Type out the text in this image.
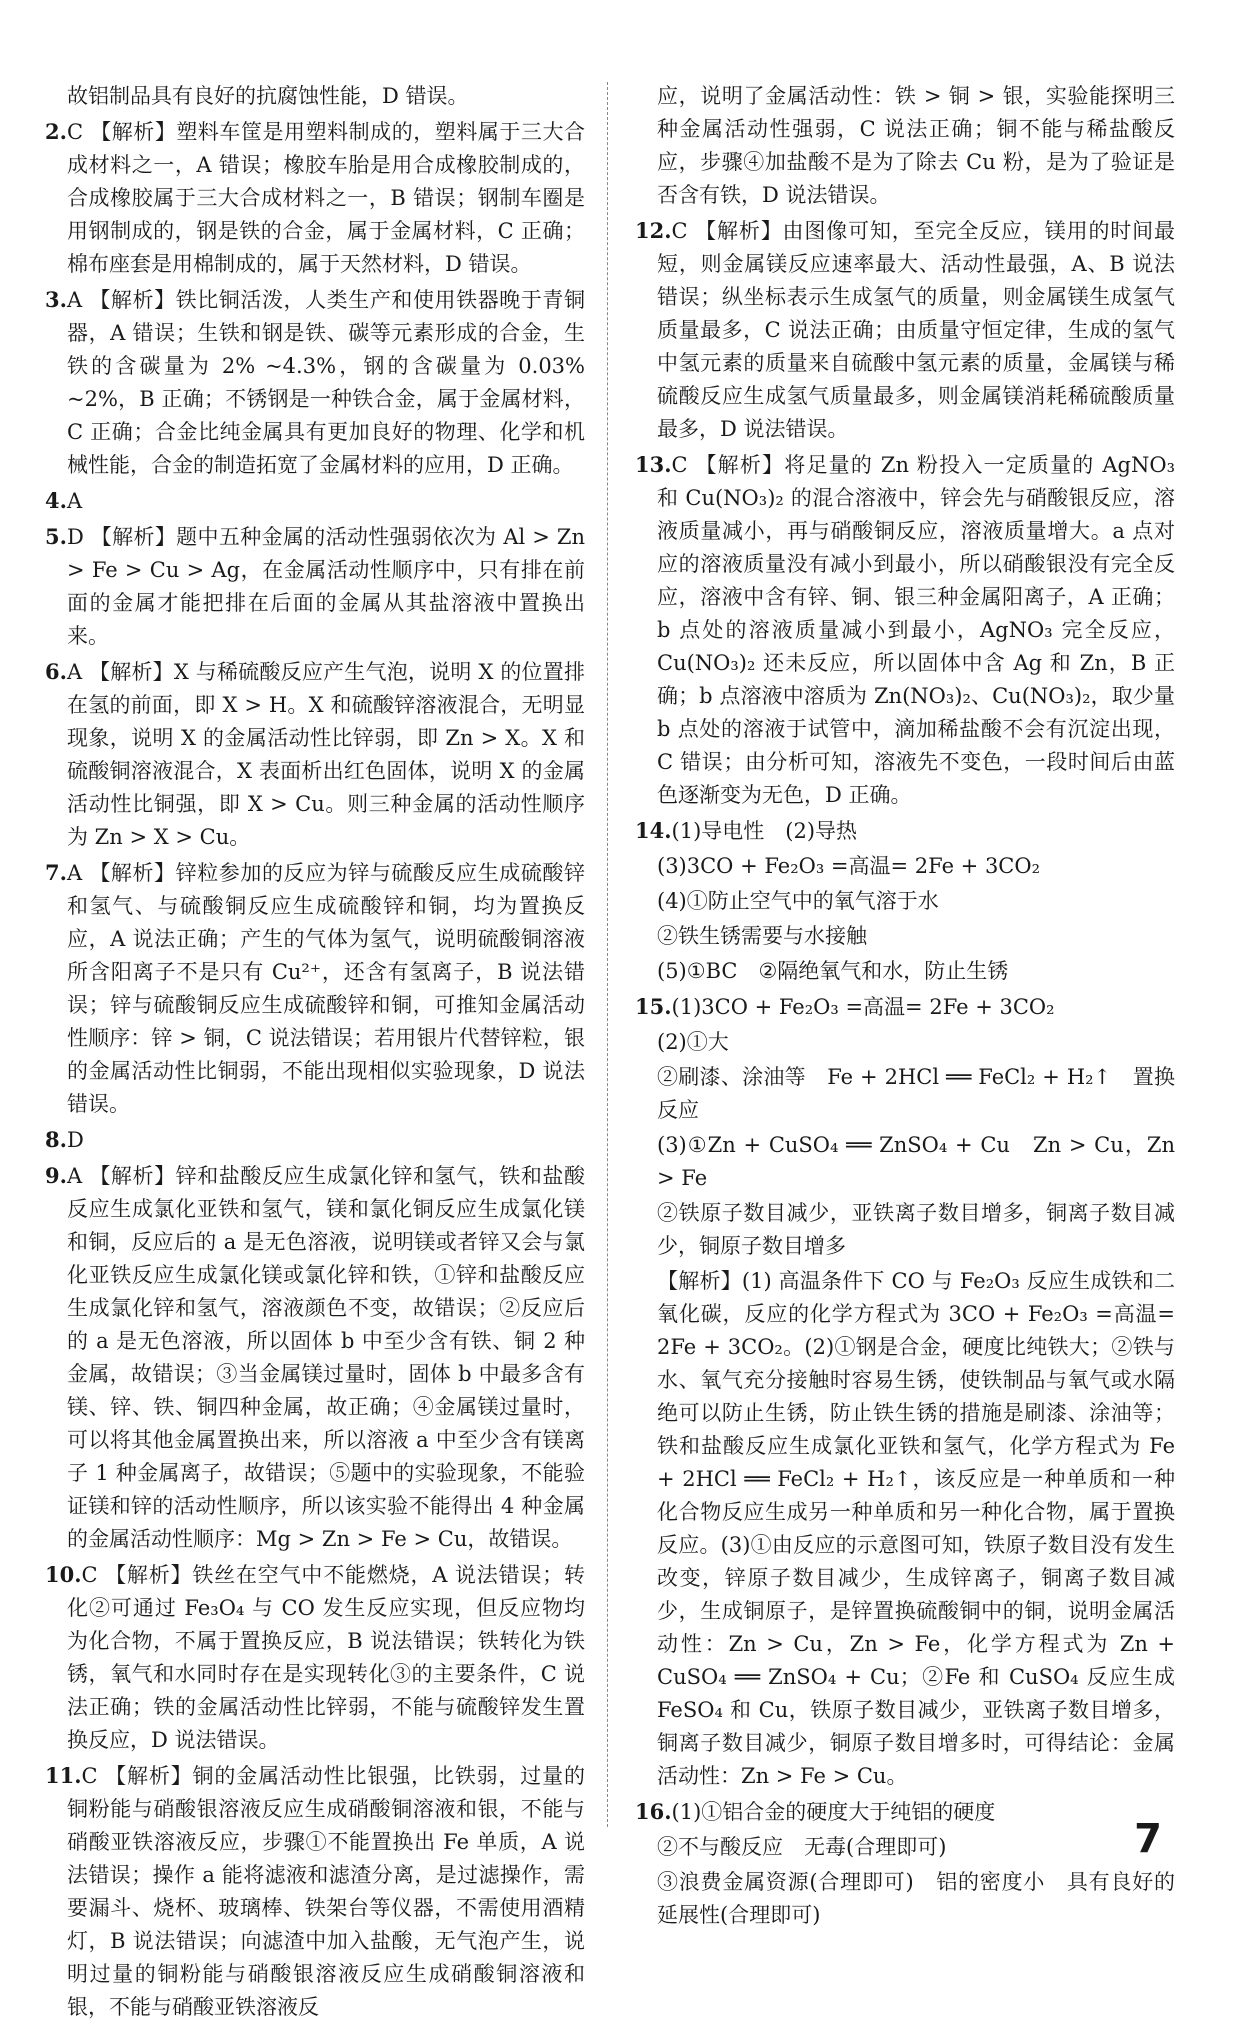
故铝制品具有良好的抗腐蚀性能，D 错误。

2.C 【解析】塑料车筐是用塑料制成的，塑料属于三大合成材料之一，A 错误；橡胶车胎是用合成橡胶制成的，合成橡胶属于三大合成材料之一，B 错误；钢制车圈是用钢制成的，钢是铁的合金，属于金属材料，C 正确；棉布座套是用棉制成的，属于天然材料，D 错误。

3.A 【解析】铁比铜活泼，人类生产和使用铁器晚于青铜器，A 错误；生铁和钢是铁、碳等元素形成的合金，生铁的含碳量为 2% ~4.3%，钢的含碳量为 0.03% ~2%，B 正确；不锈钢是一种铁合金，属于金属材料，C 正确；合金比纯金属具有更加良好的物理、化学和机械性能，合金的制造拓宽了金属材料的应用，D 正确。

4.A

5.D 【解析】题中五种金属的活动性强弱依次为 Al > Zn > Fe > Cu > Ag，在金属活动性顺序中，只有排在前面的金属才能把排在后面的金属从其盐溶液中置换出来。

6.A 【解析】X 与稀硫酸反应产生气泡，说明 X 的位置排在氢的前面，即 X > H。X 和硫酸锌溶液混合，无明显现象，说明 X 的金属活动性比锌弱，即 Zn > X。X 和硫酸铜溶液混合，X 表面析出红色固体，说明 X 的金属活动性比铜强，即 X > Cu。则三种金属的活动性顺序为 Zn > X > Cu。

7.A 【解析】锌粒参加的反应为锌与硫酸反应生成硫酸锌和氢气、与硫酸铜反应生成硫酸锌和铜，均为置换反应，A 说法正确；产生的气体为氢气，说明硫酸铜溶液所含阳离子不是只有 Cu²⁺，还含有氢离子，B 说法错误；锌与硫酸铜反应生成硫酸锌和铜，可推知金属活动性顺序：锌 > 铜，C 说法错误；若用银片代替锌粒，银的金属活动性比铜弱，不能出现相似实验现象，D 说法错误。

8.D

9.A 【解析】锌和盐酸反应生成氯化锌和氢气，铁和盐酸反应生成氯化亚铁和氢气，镁和氯化铜反应生成氯化镁和铜，反应后的 a 是无色溶液，说明镁或者锌又会与氯化亚铁反应生成氯化镁或氯化锌和铁，①锌和盐酸反应生成氯化锌和氢气，溶液颜色不变，故错误；②反应后的 a 是无色溶液，所以固体 b 中至少含有铁、铜 2 种金属，故错误；③当金属镁过量时，固体 b 中最多含有镁、锌、铁、铜四种金属，故正确；④金属镁过量时，可以将其他金属置换出来，所以溶液 a 中至少含有镁离子 1 种金属离子，故错误；⑤题中的实验现象，不能验证镁和锌的活动性顺序，所以该实验不能得出 4 种金属的金属活动性顺序：Mg > Zn > Fe > Cu，故错误。

10.C 【解析】铁丝在空气中不能燃烧，A 说法错误；转化②可通过 Fe₃O₄ 与 CO 发生反应实现，但反应物均为化合物，不属于置换反应，B 说法错误；铁转化为铁锈，氧气和水同时存在是实现转化③的主要条件，C 说法正确；铁的金属活动性比锌弱，不能与硫酸锌发生置换反应，D 说法错误。

11.C 【解析】铜的金属活动性比银强，比铁弱，过量的铜粉能与硝酸银溶液反应生成硝酸铜溶液和银，不能与硝酸亚铁溶液反应，步骤①不能置换出 Fe 单质，A 说法错误；操作 a 能将滤液和滤渣分离，是过滤操作，需要漏斗、烧杯、玻璃棒、铁架台等仪器，不需使用酒精灯，B 说法错误；向滤渣中加入盐酸，无气泡产生，说明过量的铜粉能与硝酸银溶液反应生成硝酸铜溶液和银，不能与硝酸亚铁溶液反

应，说明了金属活动性：铁 > 铜 > 银，实验能探明三种金属活动性强弱，C 说法正确；铜不能与稀盐酸反应，步骤④加盐酸不是为了除去 Cu 粉，是为了验证是否含有铁，D 说法错误。

12.C 【解析】由图像可知，至完全反应，镁用的时间最短，则金属镁反应速率最大、活动性最强，A、B 说法错误；纵坐标表示生成氢气的质量，则金属镁生成氢气质量最多，C 说法正确；由质量守恒定律，生成的氢气中氢元素的质量来自硫酸中氢元素的质量，金属镁与稀硫酸反应生成氢气质量最多，则金属镁消耗稀硫酸质量最多，D 说法错误。

13.C 【解析】将足量的 Zn 粉投入一定质量的 AgNO₃ 和 Cu(NO₃)₂ 的混合溶液中，锌会先与硝酸银反应，溶液质量减小，再与硝酸铜反应，溶液质量增大。a 点对应的溶液质量没有减小到最小，所以硝酸银没有完全反应，溶液中含有锌、铜、银三种金属阳离子，A 正确；b 点处的溶液质量减小到最小，AgNO₃ 完全反应，Cu(NO₃)₂ 还未反应，所以固体中含 Ag 和 Zn，B 正确；b 点溶液中溶质为 Zn(NO₃)₂、Cu(NO₃)₂，取少量 b 点处的溶液于试管中，滴加稀盐酸不会有沉淀出现，C 错误；由分析可知，溶液先不变色，一段时间后由蓝色逐渐变为无色，D 正确。

14.(1)导电性　(2)导热

(3)3CO + Fe₂O₃ =高温= 2Fe + 3CO₂

(4)①防止空气中的氧气溶于水

②铁生锈需要与水接触

(5)①BC　②隔绝氧气和水，防止生锈

15.(1)3CO + Fe₂O₃ =高温= 2Fe + 3CO₂

(2)①大

②刷漆、涂油等　Fe + 2HCl ══ FeCl₂ + H₂↑　置换反应

(3)①Zn + CuSO₄ ══ ZnSO₄ + Cu　Zn > Cu，Zn > Fe

②铁原子数目减少，亚铁离子数目增多，铜离子数目减少，铜原子数目增多

【解析】(1) 高温条件下 CO 与 Fe₂O₃ 反应生成铁和二氧化碳，反应的化学方程式为 3CO + Fe₂O₃ =高温= 2Fe + 3CO₂。(2)①钢是合金，硬度比纯铁大；②铁与水、氧气充分接触时容易生锈，使铁制品与氧气或水隔绝可以防止生锈，防止铁生锈的措施是刷漆、涂油等；铁和盐酸反应生成氯化亚铁和氢气，化学方程式为 Fe + 2HCl ══ FeCl₂ + H₂↑，该反应是一种单质和一种化合物反应生成另一种单质和另一种化合物，属于置换反应。(3)①由反应的示意图可知，铁原子数目没有发生改变，锌原子数目减少，生成锌离子，铜离子数目减少，生成铜原子，是锌置换硫酸铜中的铜，说明金属活动性：Zn > Cu，Zn > Fe，化学方程式为 Zn + CuSO₄ ══ ZnSO₄ + Cu；②Fe 和 CuSO₄ 反应生成 FeSO₄ 和 Cu，铁原子数目减少，亚铁离子数目增多，铜离子数目减少，铜原子数目增多时，可得结论：金属活动性：Zn > Fe > Cu。

16.(1)①铝合金的硬度大于纯铝的硬度

②不与酸反应　无毒(合理即可)

③浪费金属资源(合理即可)　铝的密度小　具有良好的延展性(合理即可)

7
